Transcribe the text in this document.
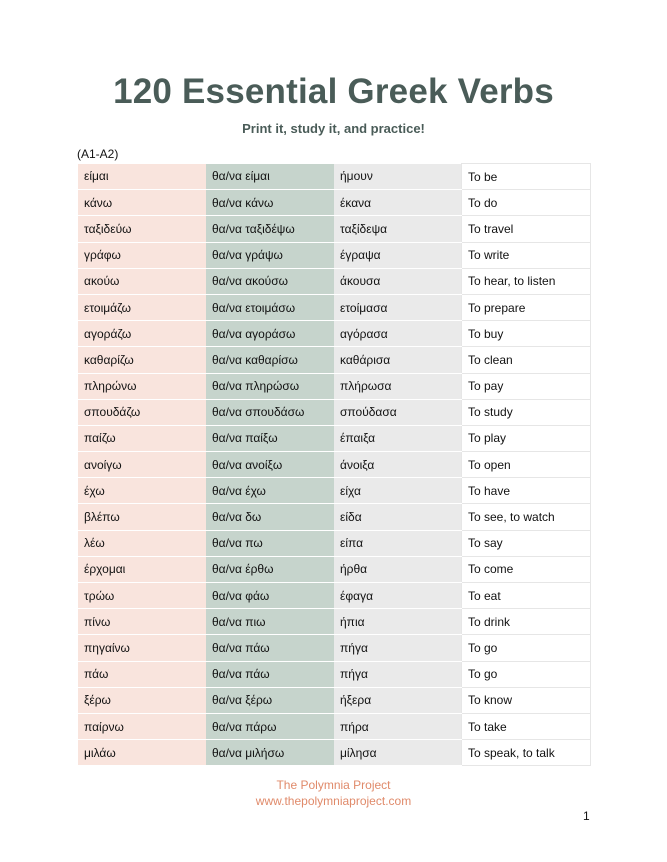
120 Essential Greek Verbs
Print it, study it, and practice!
(A1-A2)
είμαι	θα/να είμαι	ήμουν	To be
κάνω	θα/να κάνω	έκανα	To do
ταξιδεύω	θα/να ταξιδέψω	ταξίδεψα	To travel
γράφω	θα/να γράψω	έγραψα	To write
ακούω	θα/να ακούσω	άκουσα	To hear, to listen
ετοιμάζω	θα/να ετοιμάσω	ετοίμασα	To prepare
αγοράζω	θα/να αγοράσω	αγόρασα	To buy
καθαρίζω	θα/να καθαρίσω	καθάρισα	To clean
πληρώνω	θα/να πληρώσω	πλήρωσα	To pay
σπουδάζω	θα/να σπουδάσω	σπούδασα	To study
παίζω	θα/να παίξω	έπαιξα	To play
ανοίγω	θα/να ανοίξω	άνοιξα	To open
έχω	θα/να έχω	είχα	To have
βλέπω	θα/να δω	είδα	To see, to watch
λέω	θα/να πω	είπα	To say
έρχομαι	θα/να έρθω	ήρθα	To come
τρώω	θα/να φάω	έφαγα	To eat
πίνω	θα/να πιω	ήπια	To drink
πηγαίνω	θα/να πάω	πήγα	To go
πάω	θα/να πάω	πήγα	To go
ξέρω	θα/να ξέρω	ήξερα	To know
παίρνω	θα/να πάρω	πήρα	To take
μιλάω	θα/να μιλήσω	μίλησα	To speak, to talk
The Polymnia Project
www.thepolymniaproject.com
1
